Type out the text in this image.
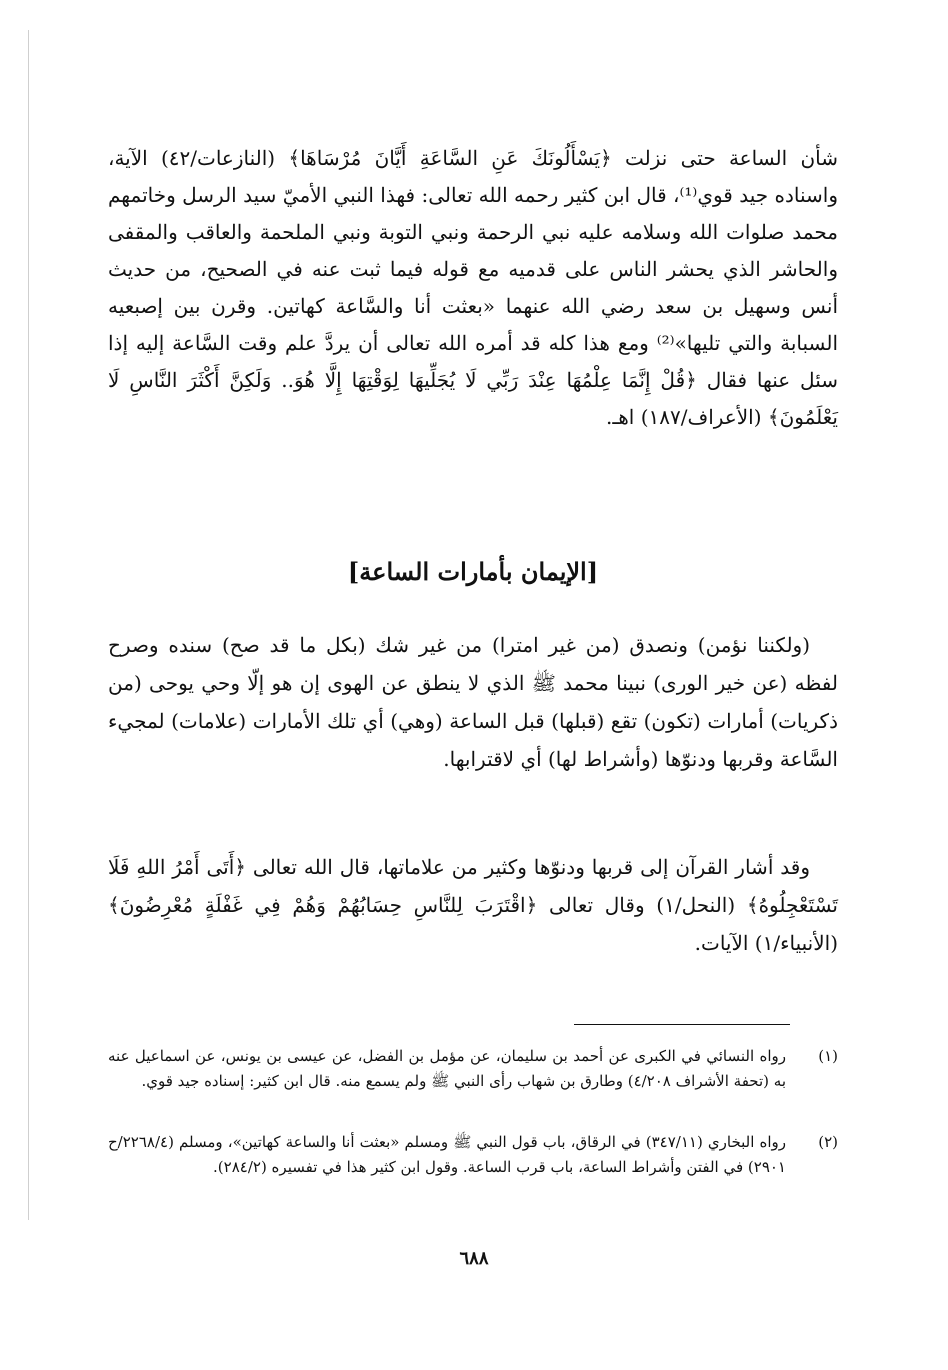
شأن الساعة حتى نزلت ﴿يَسْأَلُونَكَ عَنِ السَّاعَةِ أَيَّانَ مُرْسَاهَا﴾ (النازعات/٤٢) الآية، واسناده جيد قوي⁽¹⁾، قال ابن كثير رحمه الله تعالى: فهذا النبي الأميّ سيد الرسل وخاتمهم محمد صلوات الله وسلامه عليه نبي الرحمة ونبي التوبة ونبي الملحمة والعاقب والمقفى والحاشر الذي يحشر الناس على قدميه مع قوله فيما ثبت عنه في الصحيح، من حديث أنس وسهيل بن سعد رضي الله عنهما «بعثت أنا والسَّاعة كهاتين. وقرن بين إصبعيه السبابة والتي تليها»⁽²⁾ ومع هذا كله قد أمره الله تعالى أن يردَّ علم وقت السَّاعة إليه إذا سئل عنها فقال ﴿قُلْ إِنَّمَا عِلْمُهَا عِنْدَ رَبِّي لَا يُجَلِّيهَا لِوَقْتِهَا إِلَّا هُوَ.. وَلَكِنَّ أَكْثَرَ النَّاسِ لَا يَعْلَمُونَ﴾ (الأعراف/١٨٧) اهـ.

[الإيمان بأمارات الساعة]

(ولكننا نؤمن) ونصدق (من غير امترا) من غير شك (بكل ما قد صح) سنده وصرح لفظه (عن خير الورى) نبينا محمد ﷺ الذي لا ينطق عن الهوى إن هو إلّا وحي يوحى (من ذكريات) أمارات (تكون) تقع (قبلها) قبل الساعة (وهي) أي تلك الأمارات (علامات) لمجيء السَّاعة وقربها ودنوّها (وأشراط لها) أي لاقترابها.

وقد أشار القرآن إلى قربها ودنوّها وكثير من علاماتها، قال الله تعالى ﴿أَتَى أَمْرُ اللهِ فَلَا تَسْتَعْجِلُوهُ﴾ (النحل/١) وقال تعالى ﴿اقْتَرَبَ لِلنَّاسِ حِسَابُهُمْ وَهُمْ فِي غَفْلَةٍ مُعْرِضُونَ﴾ (الأنبياء/١) الآيات.

(١)
رواه النسائي في الكبرى عن أحمد بن سليمان، عن مؤمل بن الفضل، عن عيسى بن يونس، عن اسماعيل عنه به (تحفة الأشراف ٤/٢٠٨) وطارق بن شهاب رأى النبي ﷺ ولم يسمع منه. قال ابن كثير: إسناده جيد قوي.
(٢)
رواه البخاري (٣٤٧/١١) في الرقاق، باب قول النبي ﷺ ومسلم «بعثت أنا والساعة كهاتين»، ومسلم (٢٢٦٨/٤/ح ٢٩٠١) في الفتن وأشراط الساعة، باب قرب الساعة. وقول ابن كثير هذا في تفسيره (٢٨٤/٢).
٦٨٨
